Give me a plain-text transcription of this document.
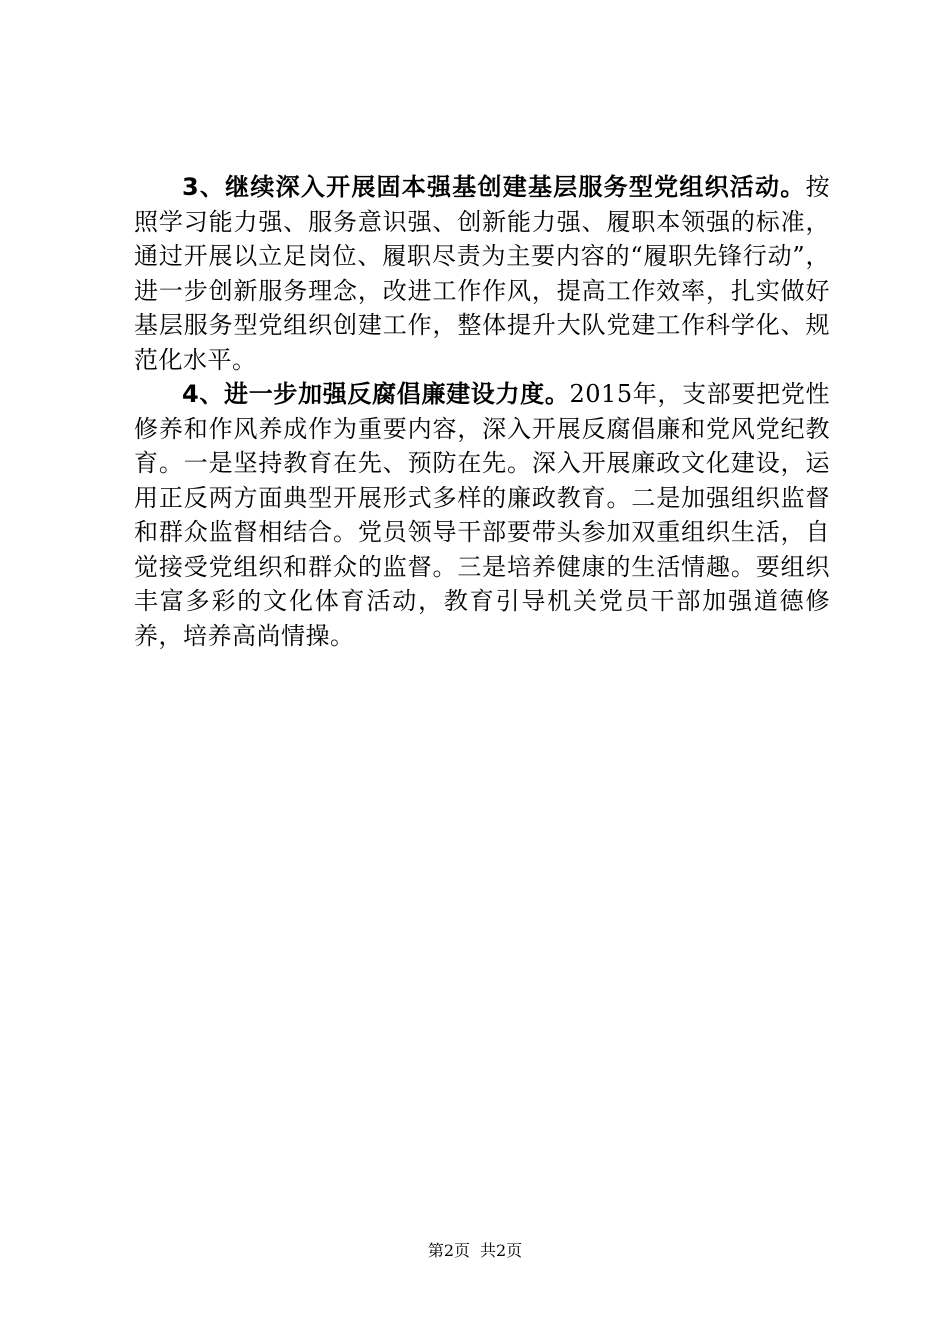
3、继续深入开展固本强基创建基层服务型党组织活动。按照学习能力强、服务意识强、创新能力强、履职本领强的标准，通过开展以立足岗位、履职尽责为主要内容的“履职先锋行动”，进一步创新服务理念，改进工作作风，提高工作效率，扎实做好基层服务型党组织创建工作，整体提升大队党建工作科学化、规范化水平。

4、进一步加强反腐倡廉建设力度。2015年，支部要把党性修养和作风养成作为重要内容，深入开展反腐倡廉和党风党纪教育。一是坚持教育在先、预防在先。深入开展廉政文化建设，运用正反两方面典型开展形式多样的廉政教育。二是加强组织监督和群众监督相结合。党员领导干部要带头参加双重组织生活，自觉接受党组织和群众的监督。三是培养健康的生活情趣。要组织丰富多彩的文化体育活动，教育引导机关党员干部加强道德修养，培养高尚情操。

第2页 共2页
